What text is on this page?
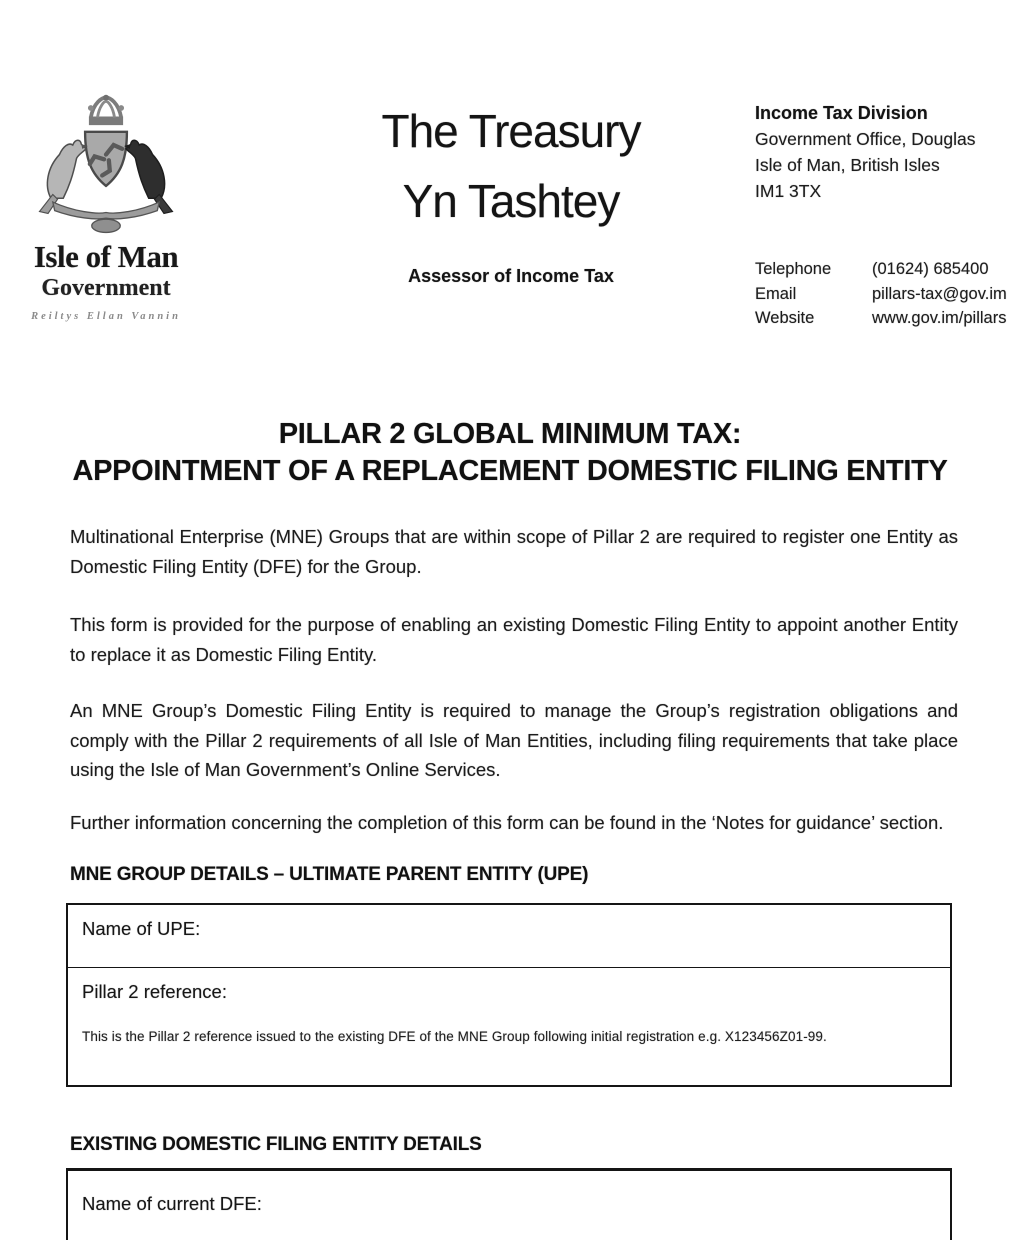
Isle of Man
Government
Reiltys Ellan Vannin
The Treasury
Yn Tashtey
Assessor of Income Tax
Income Tax Division
Government Office, Douglas
Isle of Man, British Isles
IM1 3TX
Telephone	(01624) 685400
Email	pillars-tax@gov.im
Website	www.gov.im/pillars
PILLAR 2 GLOBAL MINIMUM TAX:
APPOINTMENT OF A REPLACEMENT DOMESTIC FILING ENTITY
Multinational Enterprise (MNE) Groups that are within scope of Pillar 2 are required to register one Entity as Domestic Filing Entity (DFE) for the Group.
This form is provided for the purpose of enabling an existing Domestic Filing Entity to appoint another Entity to replace it as Domestic Filing Entity.
An MNE Group’s Domestic Filing Entity is required to manage the Group’s registration obligations and comply with the Pillar 2 requirements of all Isle of Man Entities, including filing requirements that take place using the Isle of Man Government’s Online Services.
Further information concerning the completion of this form can be found in the ‘Notes for guidance’ section.
MNE GROUP DETAILS – ULTIMATE PARENT ENTITY (UPE)
Name of UPE:
Pillar 2 reference:
This is the Pillar 2 reference issued to the existing DFE of the MNE Group following initial registration e.g. X123456Z01-99.
EXISTING DOMESTIC FILING ENTITY DETAILS
Name of current DFE:
